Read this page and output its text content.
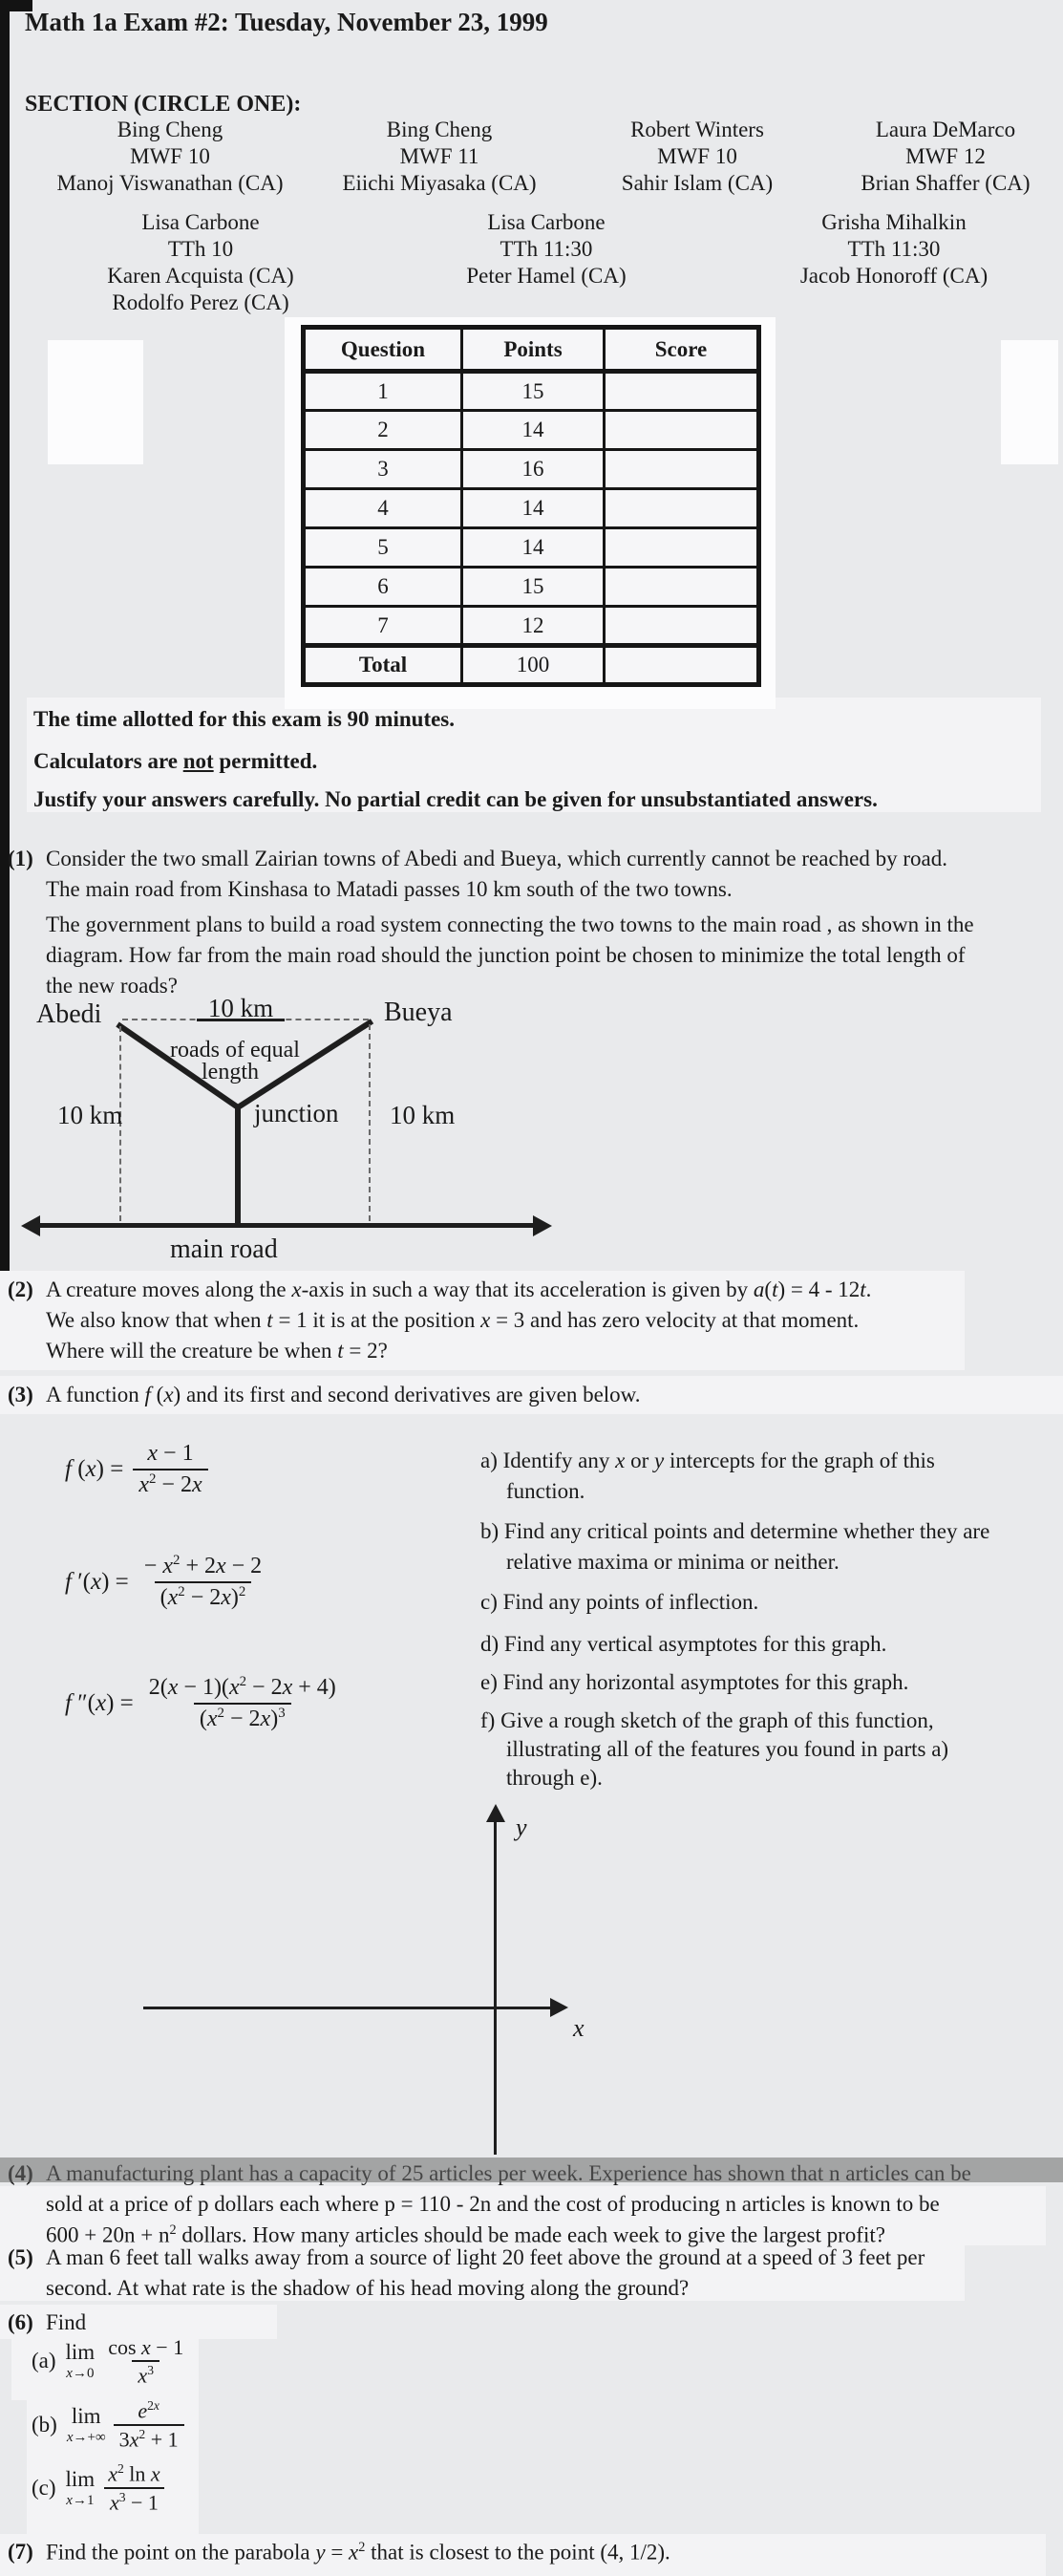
Math 1a Exam #2: Tuesday, November 23, 1999
SECTION (CIRCLE ONE):
Bing Cheng
MWF 10
Manoj Viswanathan (CA)
Bing Cheng
MWF 11
Eiichi Miyasaka (CA)
Robert Winters
MWF 10
Sahir Islam (CA)
Laura DeMarco
MWF 12
Brian Shaffer (CA)
Lisa Carbone
TTh 10
Karen Acquista (CA)
Rodolfo Perez (CA)
Lisa Carbone
TTh 11:30
Peter Hamel (CA)
Grisha Mihalkin
TTh 11:30
Jacob Honoroff (CA)
Question	Points	Score
1	15	
2	14	
3	16	
4	14	
5	14	
6	15	
7	12	
Total	100	
The time allotted for this exam is 90 minutes.
Calculators are not permitted.
Justify your answers carefully. No partial credit can be given for unsubstantiated answers.
(1) Consider the two small Zairian towns of Abedi and Bueya, which currently cannot be reached by road.
The main road from Kinshasa to Matadi passes 10 km south of the two towns.
The government plans to build a road system connecting the two towns to the main road , as shown in the
diagram. How far from the main road should the junction point be chosen to minimize the total length of
the new roads?
Abedi	Bueya
10 km
roads of equal
length
10 km	junction 10 km
main road
(2) A creature moves along the x-axis in such a way that its acceleration is given by a(t) = 4 - 12t.
We also know that when t = 1 it is at the position x = 3 and has zero velocity at that moment.
Where will the creature be when t = 2?
(3) A function f (x) and its first and second derivatives are given below.
f $(x) = \frac{x - 1}{x^2 - 2x}$
f $'(x) = \frac{- x^2 + 2x - 2}{(x^2 - 2x)^2}$
f $''(x) = \frac{2(x - 1)(x^2 - 2x + 4)}{(x^2 - 2x)^3}$
a) Identify any x or y intercepts for the graph of this
function.
b) Find any critical points and determine whether they are
relative maxima or minima or neither.
c) Find any points of inflection.
d) Find any vertical asymptotes for this graph.
e) Find any horizontal asymptotes for this graph.
f) Give a rough sketch of the graph of this function,
illustrating all of the features you found in parts a)
through e).
y
x
sold at a price of p dollars each where p = 110 - 2n and the cost of producing n articles is known to be
$600 + 20n + n^2$ dollars. How many articles should be made each week to give the largest profit?
(5) A man 6 feet tall walks away from a source of light 20 feet above the ground at a speed of 3 feet per
second. At what rate is the shadow of his head moving along the ground?
(6) Find
(a) lim
$x\to 0 \frac{\text{cos x − 1}}{x^3}$
(b) lim
$x\to+\infty \frac{e^{2x}}{3x^2 + 1}$
(c) lim
$x\to 1 \frac{x^2 \ln x}{x^3 - 1}$
(7) Find the point on the parabola $y = x^2$ that is closest to the point (4, 1/2).
